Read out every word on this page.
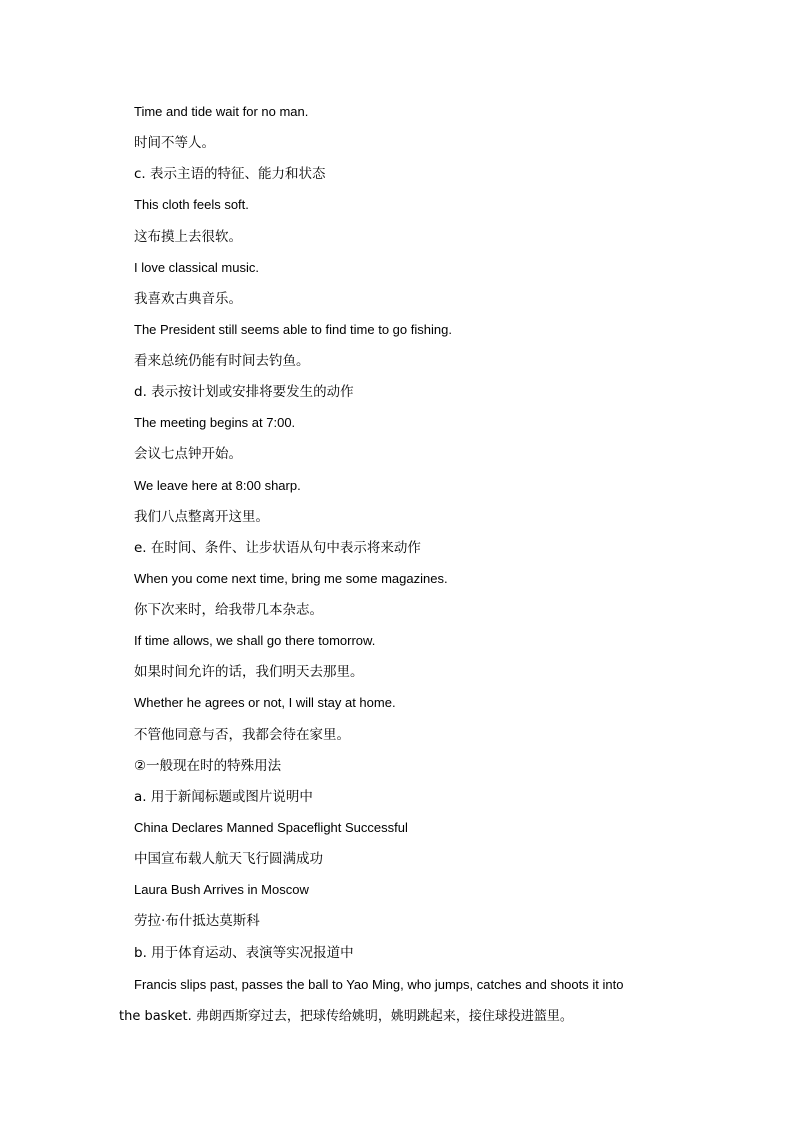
Time and tide wait for no man.
时间不等人。
c. 表示主语的特征、能力和状态
This cloth feels soft.
这布摸上去很软。
I love classical music.
我喜欢古典音乐。
The President still seems able to find time to go fishing.
看来总统仍能有时间去钓鱼。
d. 表示按计划或安排将要发生的动作
The meeting begins at 7:00.
会议七点钟开始。
We leave here at 8:00 sharp.
我们八点整离开这里。
e. 在时间、条件、让步状语从句中表示将来动作
When you come next time, bring me some magazines.
你下次来时，给我带几本杂志。
If time allows, we shall go there tomorrow.
如果时间允许的话，我们明天去那里。
Whether he agrees or not, I will stay at home.
不管他同意与否，我都会待在家里。
②一般现在时的特殊用法
a. 用于新闻标题或图片说明中
China Declares Manned Spaceflight Successful
中国宣布载人航天飞行圆满成功
Laura Bush Arrives in Moscow
劳拉·布什抵达莫斯科
b. 用于体育运动、表演等实况报道中
Francis slips past, passes the ball to Yao Ming, who jumps, catches and shoots it into
the basket. 弗朗西斯穿过去，把球传给姚明，姚明跳起来，接住球投进篮里。
